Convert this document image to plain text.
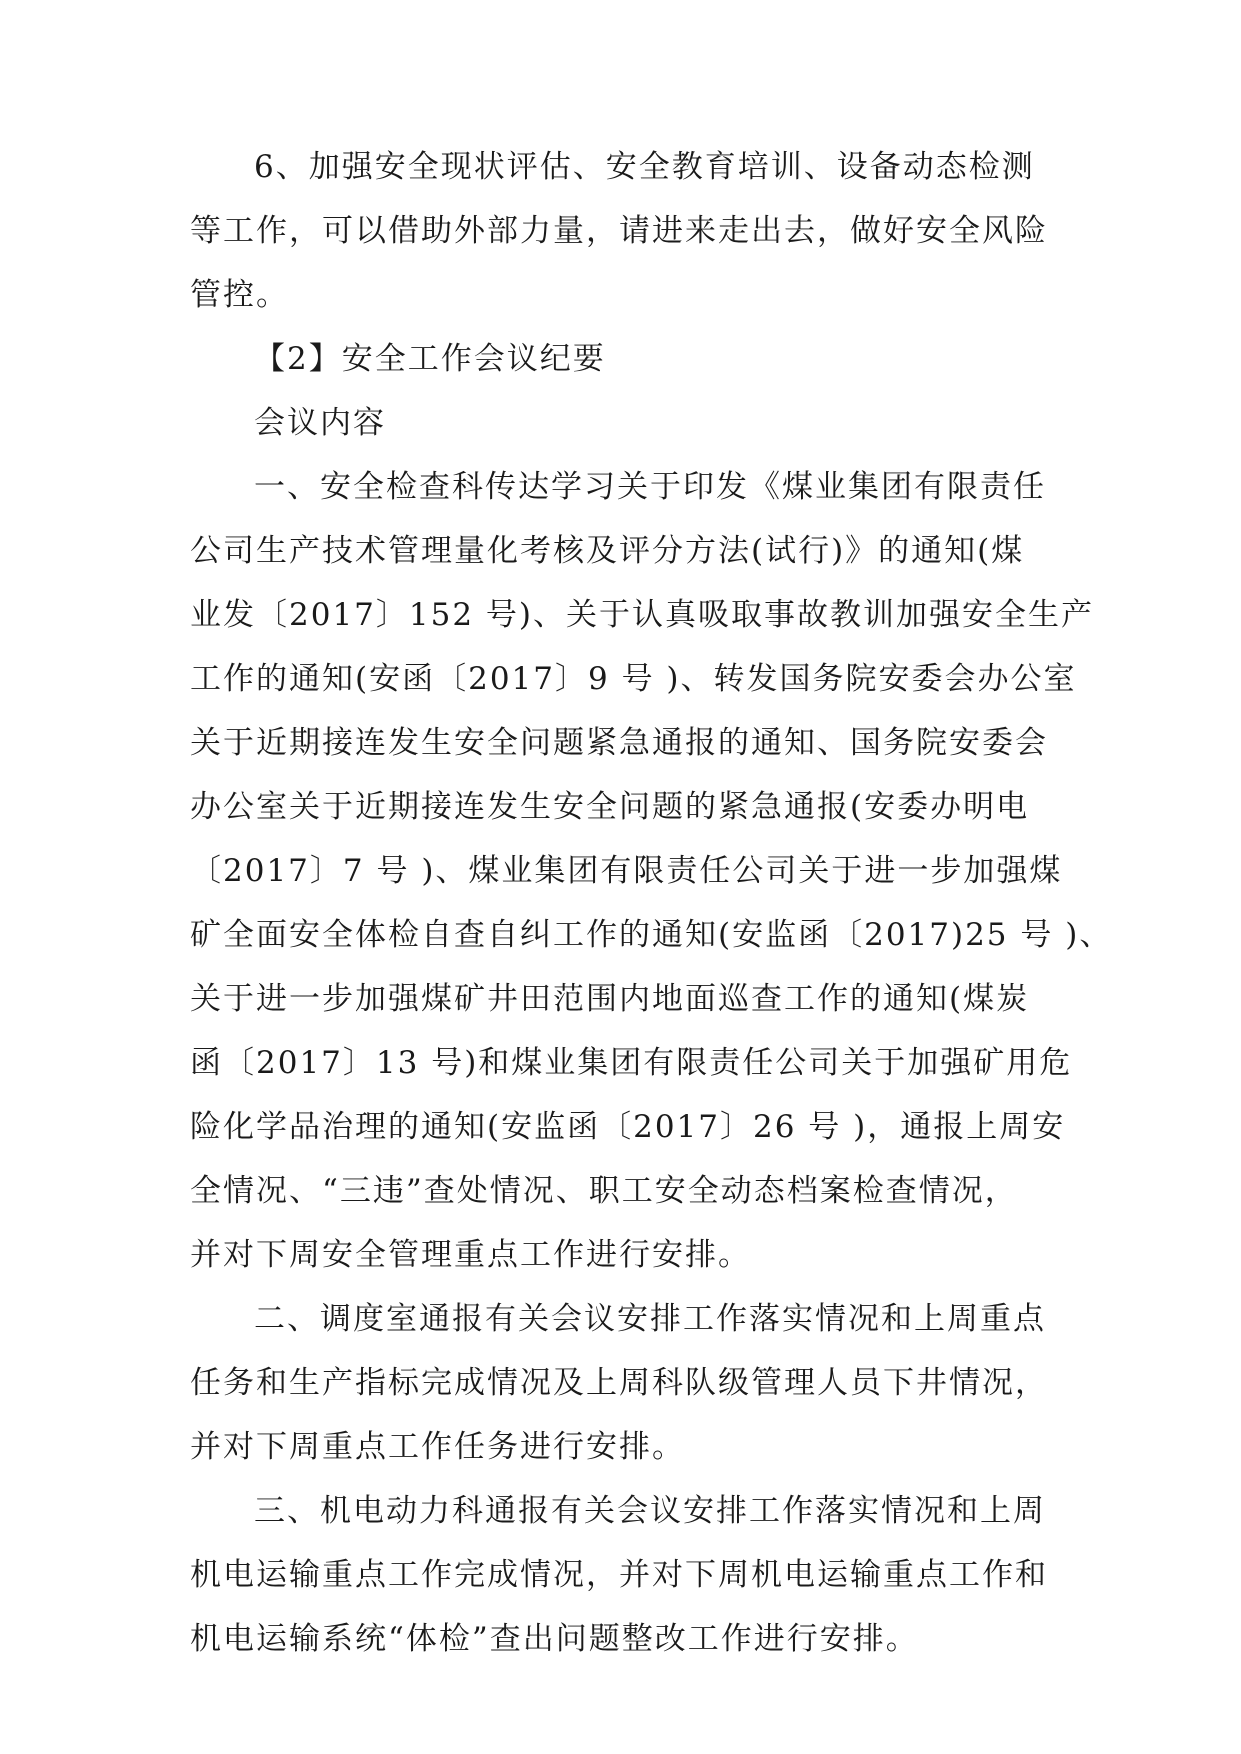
6、加强安全现状评估、安全教育培训、设备动态检测
等工作，可以借助外部力量，请进来走出去，做好安全风险
管控。
【2】安全工作会议纪要
会议内容
一、安全检查科传达学习关于印发《煤业集团有限责任
公司生产技术管理量化考核及评分方法(试行)》的通知(煤
业发〔2017〕152 号)、关于认真吸取事故教训加强安全生产
工作的通知(安函〔2017〕9 号 )、转发国务院安委会办公室
关于近期接连发生安全问题紧急通报的通知、国务院安委会
办公室关于近期接连发生安全问题的紧急通报(安委办明电
〔2017〕7 号 )、煤业集团有限责任公司关于进一步加强煤
矿全面安全体检自查自纠工作的通知(安监函〔2017)25 号 )、
关于进一步加强煤矿井田范围内地面巡查工作的通知(煤炭
函〔2017〕13 号)和煤业集团有限责任公司关于加强矿用危
险化学品治理的通知(安监函〔2017〕26 号 )，通报上周安
全情况、“三违”查处情况、职工安全动态档案检查情况，
并对下周安全管理重点工作进行安排。
二、调度室通报有关会议安排工作落实情况和上周重点
任务和生产指标完成情况及上周科队级管理人员下井情况，
并对下周重点工作任务进行安排。
三、机电动力科通报有关会议安排工作落实情况和上周
机电运输重点工作完成情况，并对下周机电运输重点工作和
机电运输系统“体检”查出问题整改工作进行安排。
